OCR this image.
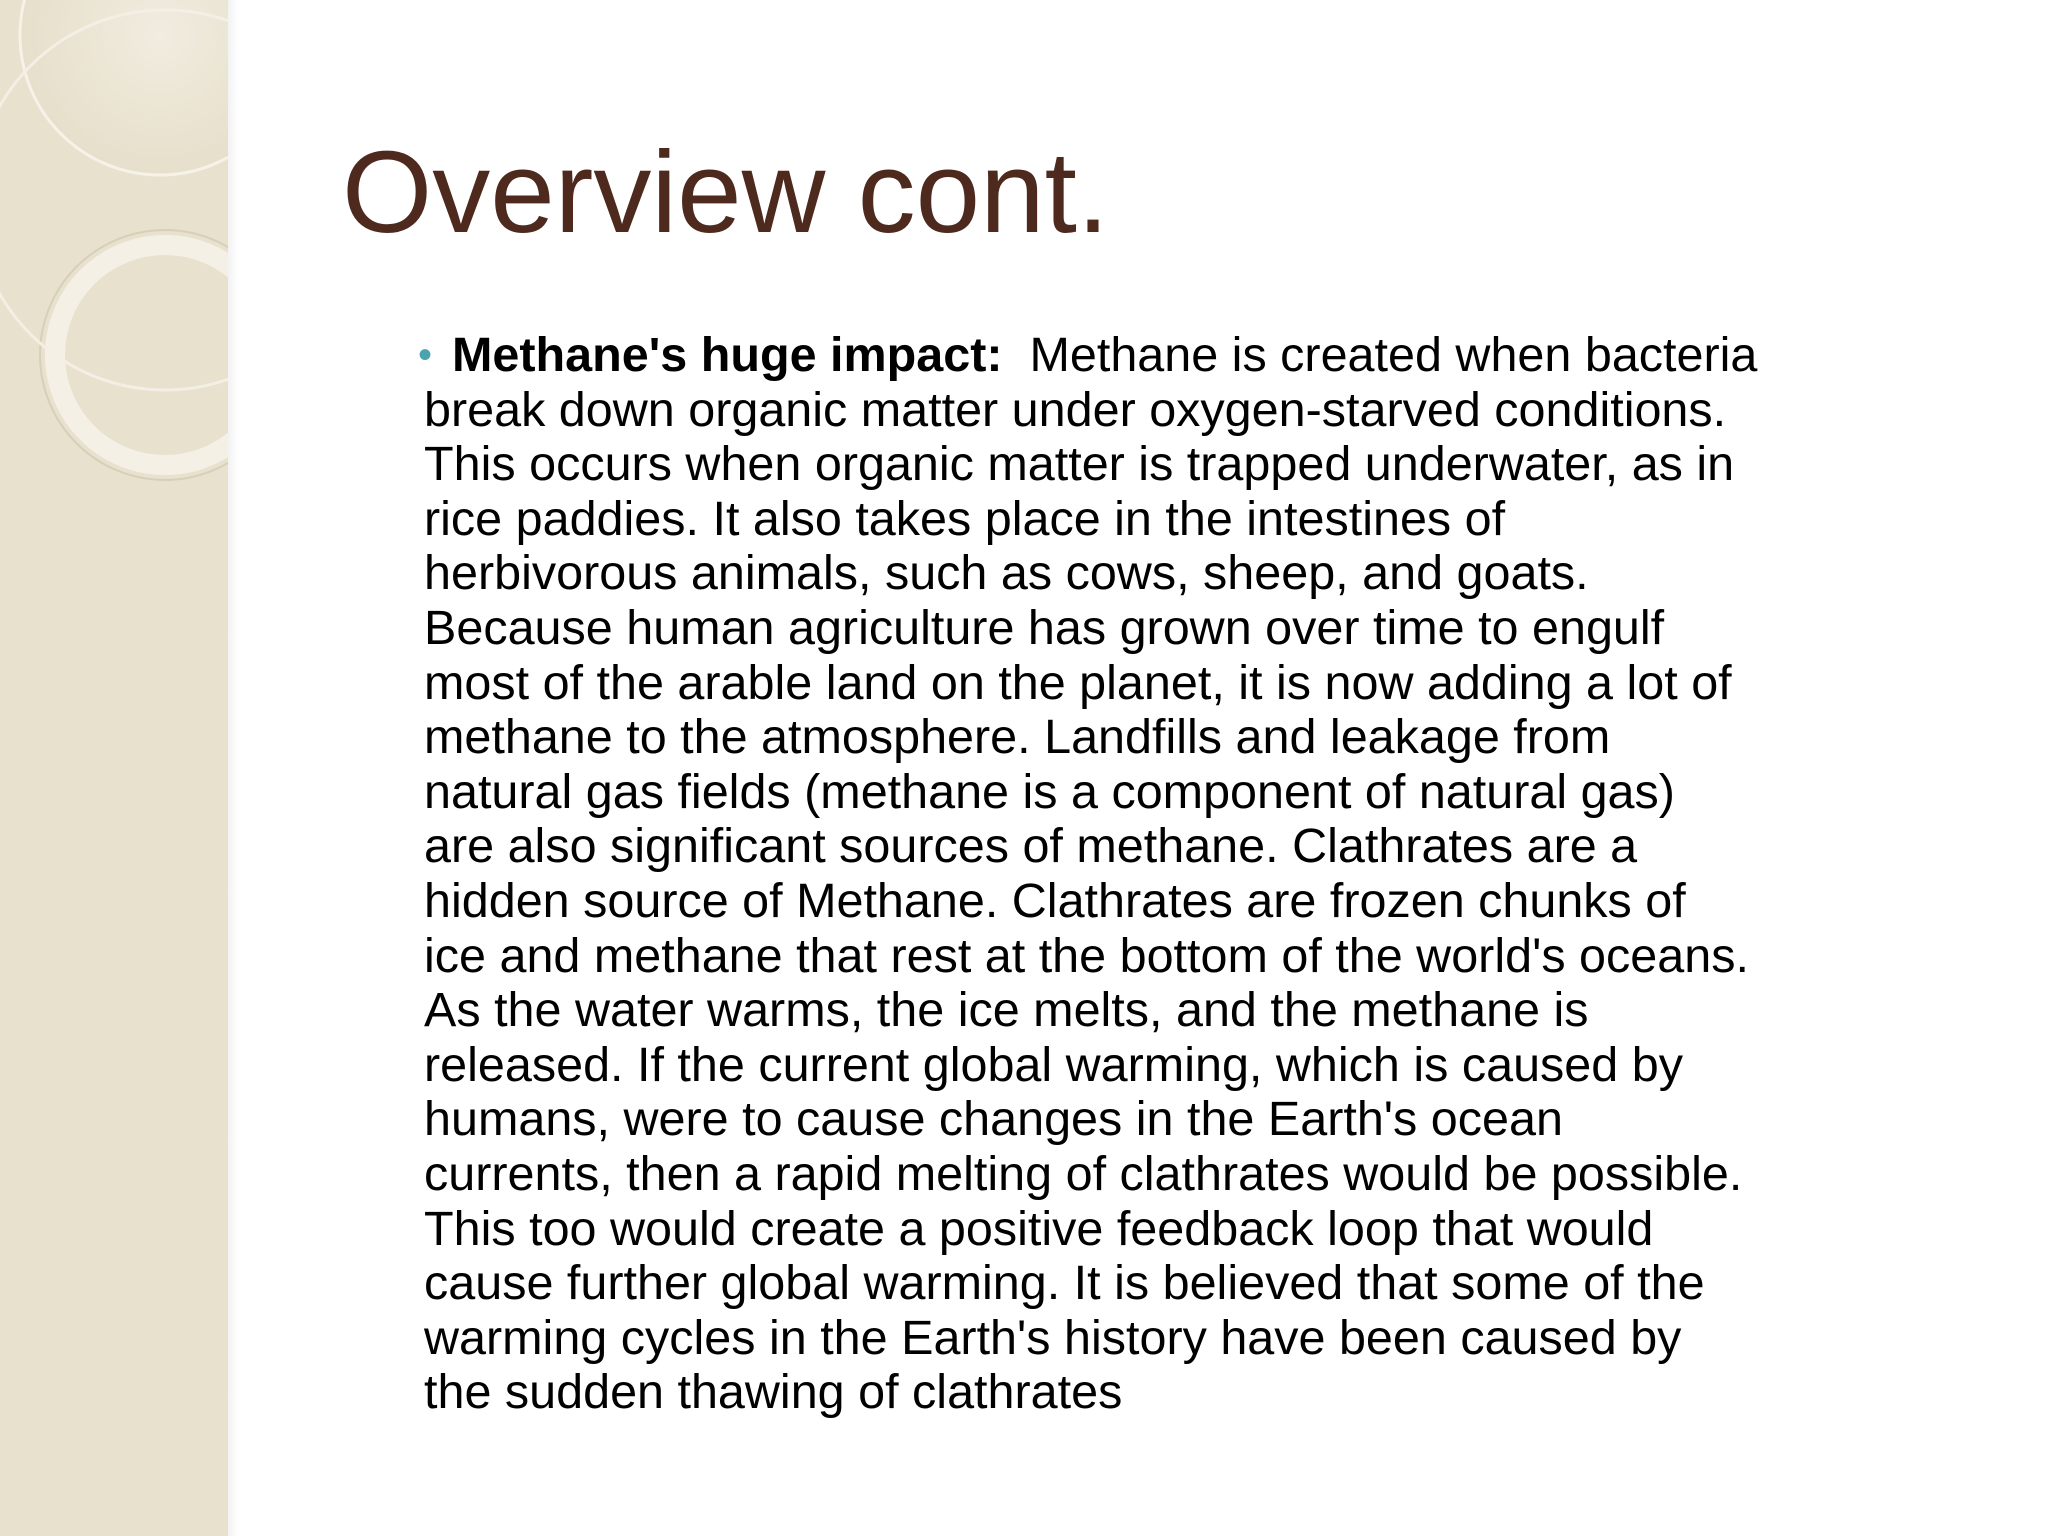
Overview cont.
• Methane's huge impact:  Methane is created when bacteria
break down organic matter under oxygen-starved conditions.
This occurs when organic matter is trapped underwater, as in
rice paddies. It also takes place in the intestines of
herbivorous animals, such as cows, sheep, and goats.
Because human agriculture has grown over time to engulf
most of the arable land on the planet, it is now adding a lot of
methane to the atmosphere. Landfills and leakage from
natural gas fields (methane is a component of natural gas)
are also significant sources of methane. Clathrates are a
hidden source of Methane. Clathrates are frozen chunks of
ice and methane that rest at the bottom of the world's oceans.
As the water warms, the ice melts, and the methane is
released. If the current global warming, which is caused by
humans, were to cause changes in the Earth's ocean
currents, then a rapid melting of clathrates would be possible.
This too would create a positive feedback loop that would
cause further global warming. It is believed that some of the
warming cycles in the Earth's history have been caused by
the sudden thawing of clathrates
